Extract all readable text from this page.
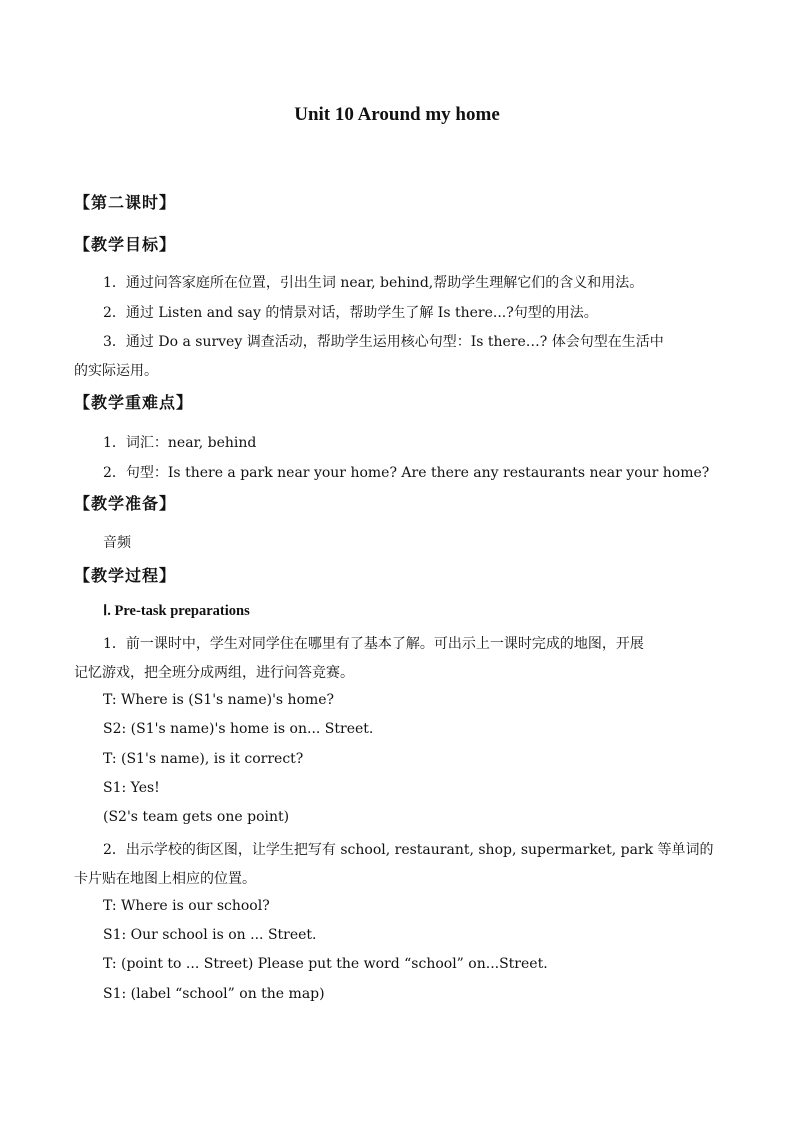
Unit 10 Around my home
【第二课时】
【教学目标】
1．通过问答家庭所在位置，引出生词 near, behind,帮助学生理解它们的含义和用法。
2．通过 Listen and say 的情景对话，帮助学生了解 Is there...?句型的用法。
3．通过 Do a survey 调查活动，帮助学生运用核心句型：Is there…? 体会句型在生活中
的实际运用。
【教学重难点】
1．词汇：near, behind
2．句型：Is there a park near your home? Are there any restaurants near your home?
【教学准备】
音频
【教学过程】
Ⅰ. Pre-task preparations
1．前一课时中，学生对同学住在哪里有了基本了解。可出示上一课时完成的地图，开展
记忆游戏，把全班分成两组，进行问答竞赛。
T: Where is (S1's name)'s home?
S2: (S1's name)'s home is on... Street.
T: (S1's name), is it correct?
S1: Yes!
(S2's team gets one point)
2．出示学校的街区图，让学生把写有 school, restaurant, shop, supermarket, park 等单词的
卡片贴在地图上相应的位置。
T: Where is our school?
S1: Our school is on ... Street.
T: (point to ... Street) Please put the word “school” on...Street.
S1: (label “school” on the map)
